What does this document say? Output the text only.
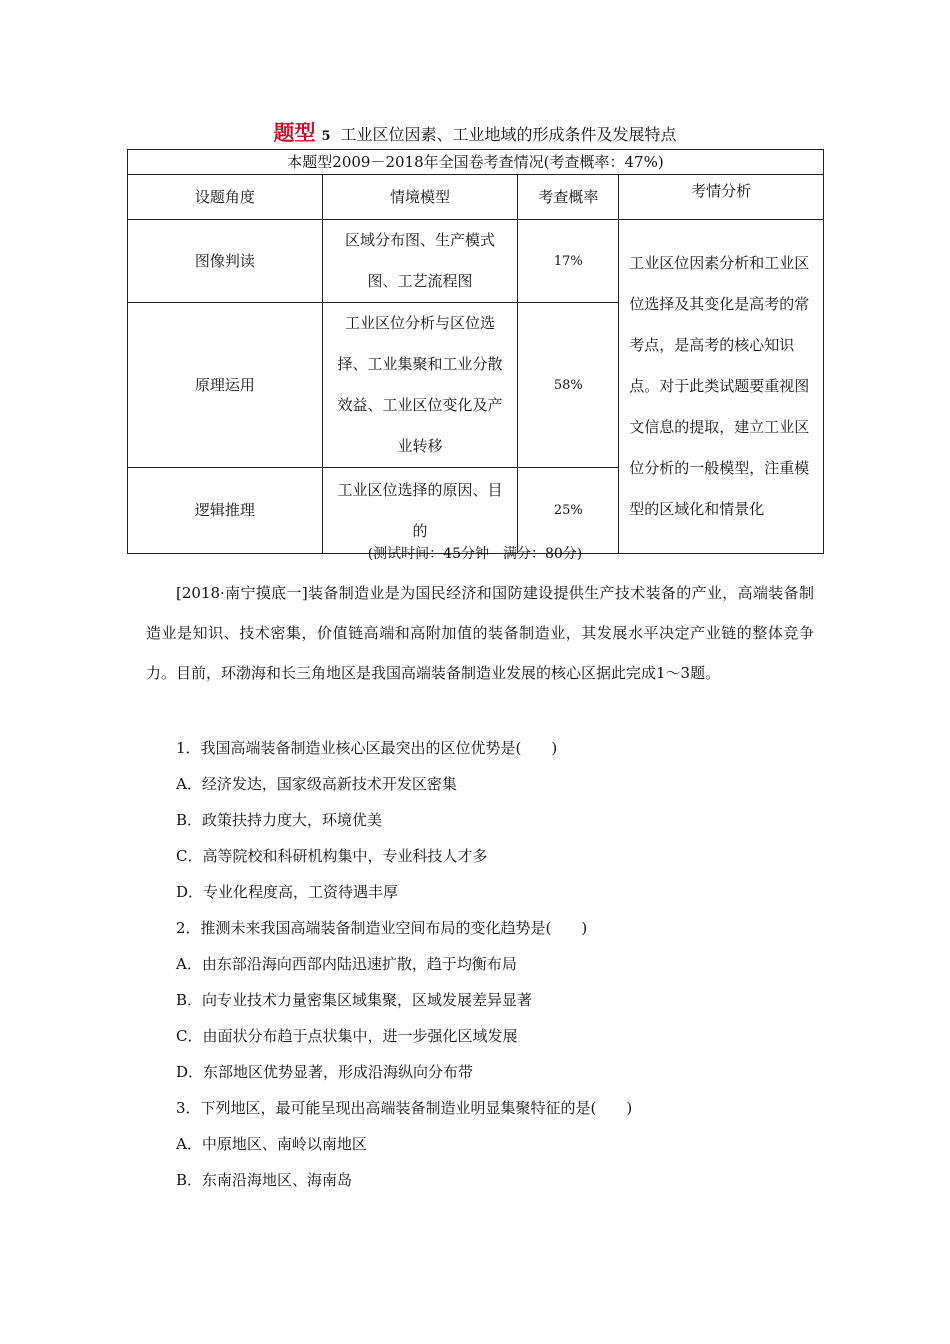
题型 5 工业区位因素、工业地域的形成条件及发展特点
本题型2009－2018年全国卷考查情况(考查概率：47%)			
设题角度	情境模型	考查概率	考情分析
图像判读	区域分布图、生产模式图、工艺流程图	17%	工业区位因素分析和工业区位选择及其变化是高考的常考点，是高考的核心知识点。对于此类试题要重视图文信息的提取，建立工业区位分析的一般模型，注重模型的区域化和情景化
原理运用	工业区位分析与区位选择、工业集聚和工业分散效益、工业区位变化及产业转移	58%	
逻辑推理	工业区位选择的原因、目的	25%	
(测试时间：45分钟　满分：80分)
[2018·南宁摸底一]装备制造业是为国民经济和国防建设提供生产技术装备的产业，高端装备制造业是知识、技术密集，价值链高端和高附加值的装备制造业，其发展水平决定产业链的整体竞争力。目前，环渤海和长三角地区是我国高端装备制造业发展的核心区据此完成1～3题。
1．我国高端装备制造业核心区最突出的区位优势是(　　)
A．经济发达，国家级高新技术开发区密集
B．政策扶持力度大，环境优美
C．高等院校和科研机构集中，专业科技人才多
D．专业化程度高，工资待遇丰厚
2．推测未来我国高端装备制造业空间布局的变化趋势是(　　)
A．由东部沿海向西部内陆迅速扩散，趋于均衡布局
B．向专业技术力量密集区域集聚，区域发展差异显著
C．由面状分布趋于点状集中，进一步强化区域发展
D．东部地区优势显著，形成沿海纵向分布带
3．下列地区，最可能呈现出高端装备制造业明显集聚特征的是(　　)
A．中原地区、南岭以南地区
B．东南沿海地区、海南岛
